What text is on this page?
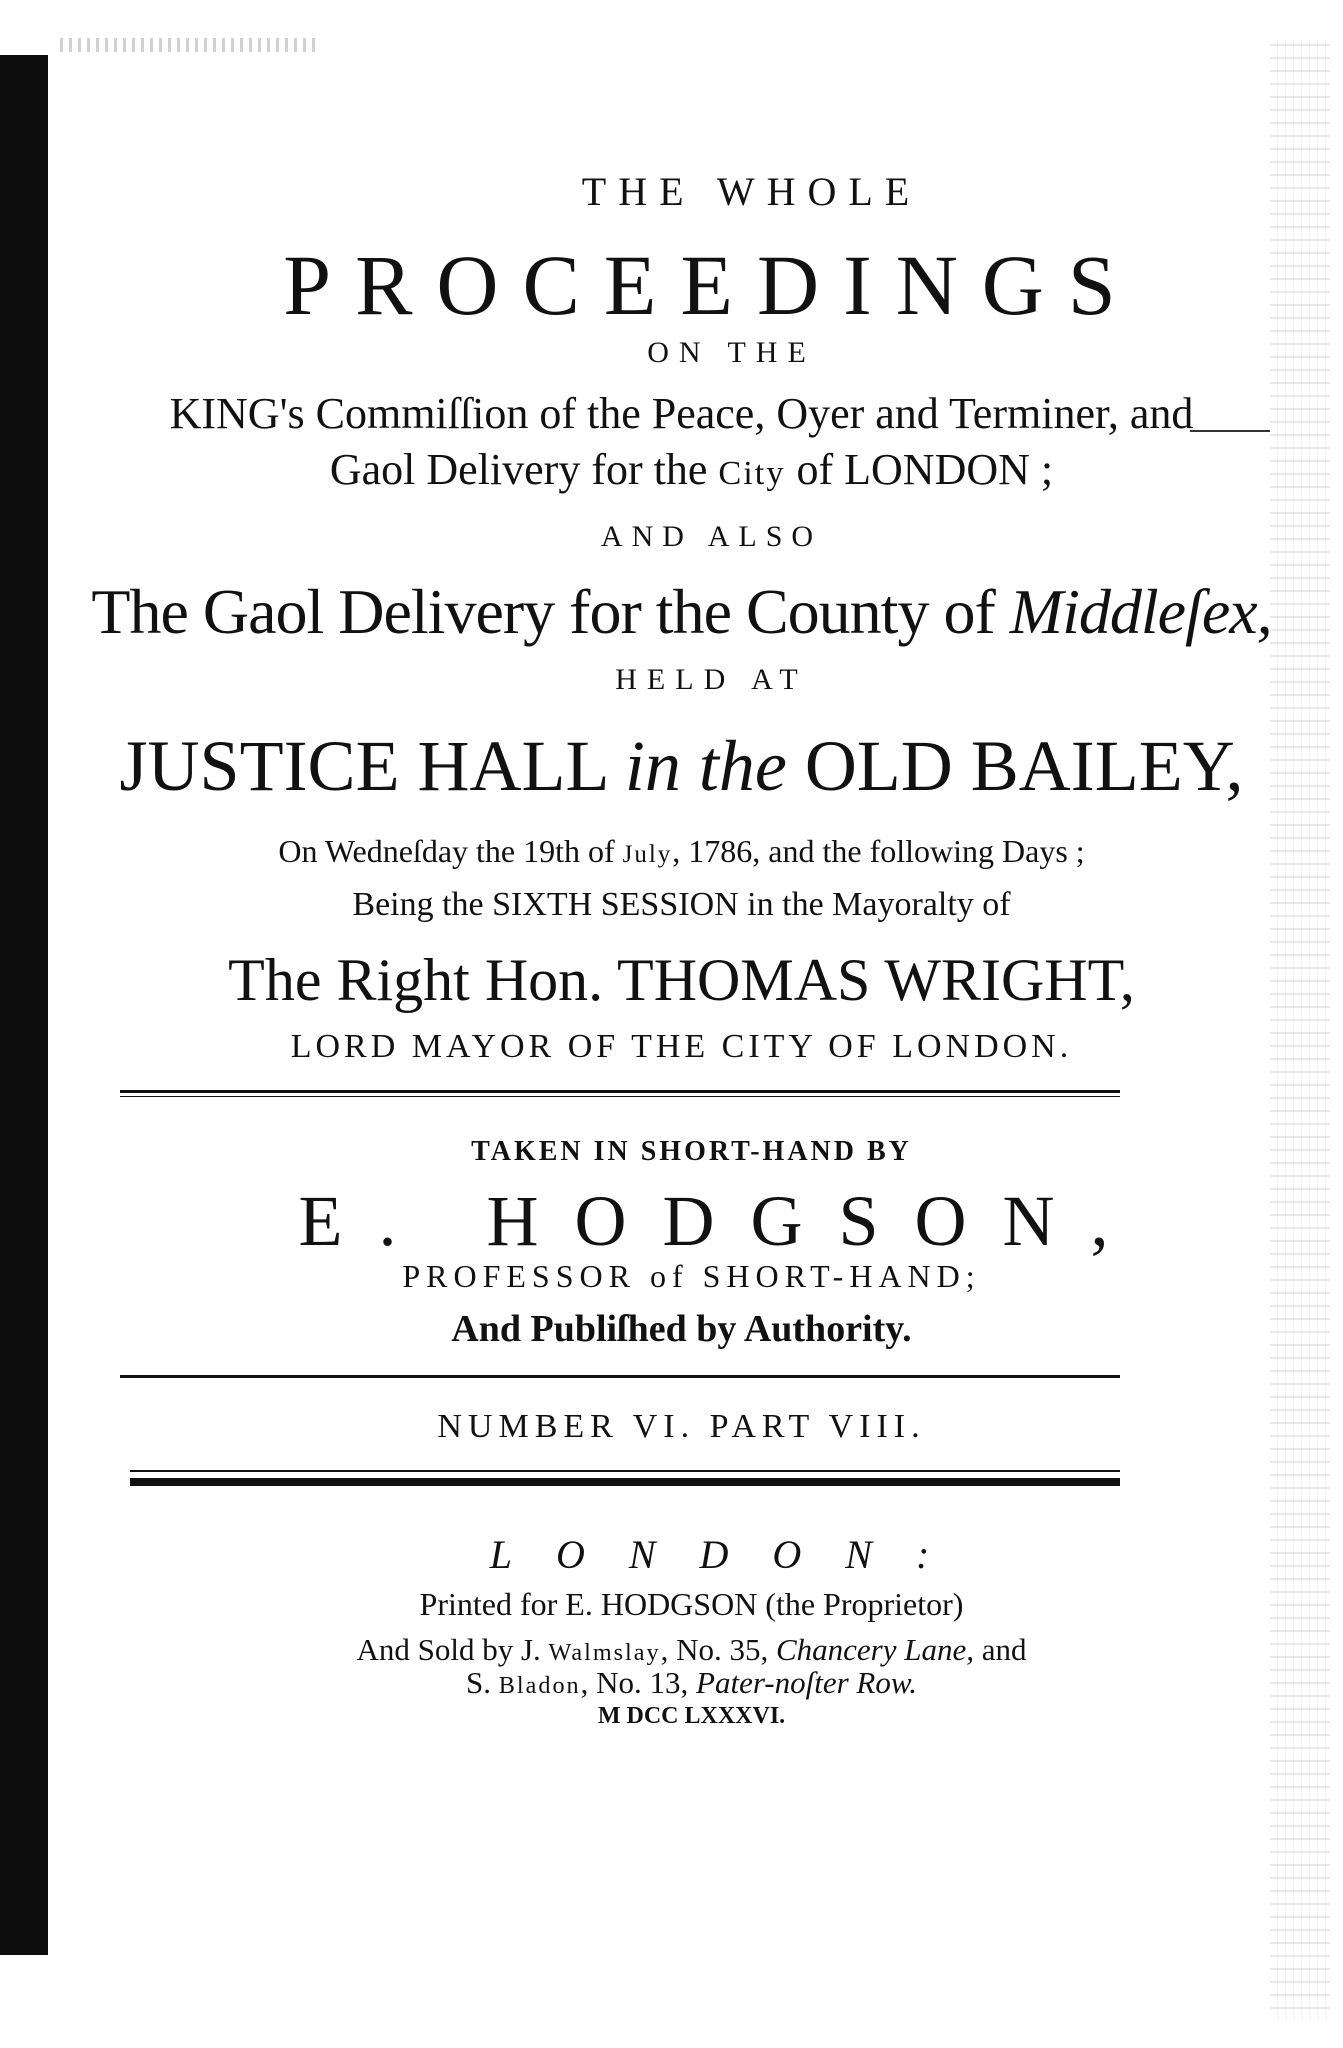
THE WHOLE
PROCEEDINGS
ON THE
KING's Commiſſion of the Peace, Oyer and Terminer, and
Gaol Delivery for the City of LONDON ;
AND ALSO
The Gaol Delivery for the County of Middleſex,
HELD AT
JUSTICE HALL in the OLD BAILEY,
On Wedneſday the 19th of July, 1786, and the following Days ;
Being the SIXTH SESSION in the Mayoralty of
The Right Hon. THOMAS WRIGHT,
LORD MAYOR OF THE CITY OF LONDON.
TAKEN IN SHORT-HAND BY
E. HODGSON,
PROFESSOR of SHORT-HAND;
And Publiſhed by Authority.
NUMBER VI. PART VIII.
LONDON:
Printed for E. HODGSON (the Proprietor)
And Sold by J. Walmslay, No. 35, Chancery Lane, and
S. Bladon, No. 13, Pater-noſter Row.
M DCC LXXXVI.
